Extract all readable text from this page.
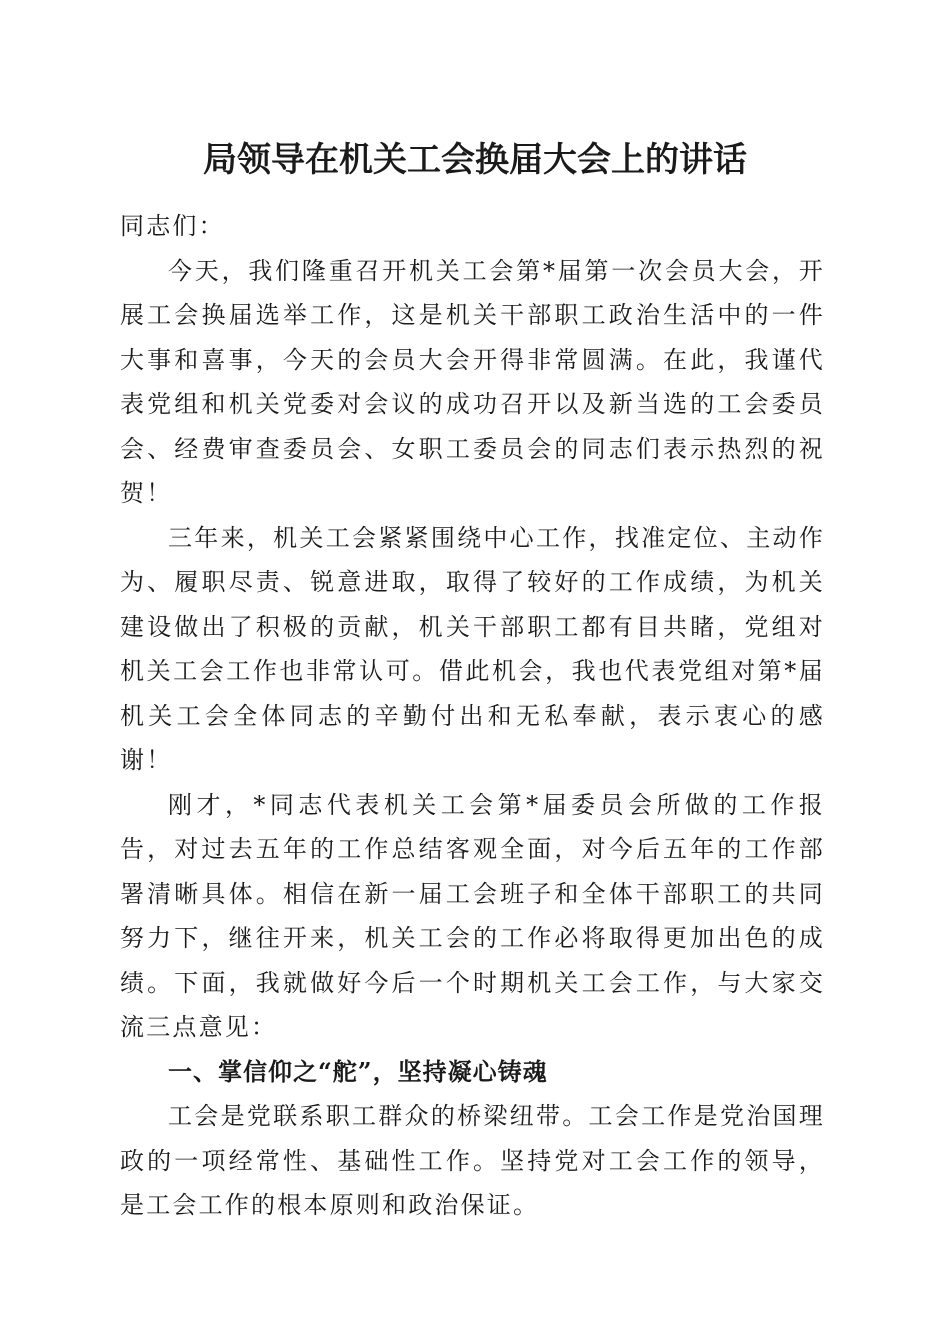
局领导在机关工会换届大会上的讲话

同志们：

今天，我们隆重召开机关工会第*届第一次会员大会，开展工会换届选举工作，这是机关干部职工政治生活中的一件大事和喜事，今天的会员大会开得非常圆满。在此，我谨代表党组和机关党委对会议的成功召开以及新当选的工会委员会、经费审查委员会、女职工委员会的同志们表示热烈的祝贺！

三年来，机关工会紧紧围绕中心工作，找准定位、主动作为、履职尽责、锐意进取，取得了较好的工作成绩，为机关建设做出了积极的贡献，机关干部职工都有目共睹，党组对机关工会工作也非常认可。借此机会，我也代表党组对第*届机关工会全体同志的辛勤付出和无私奉献，表示衷心的感谢！

刚才，*同志代表机关工会第*届委员会所做的工作报告，对过去五年的工作总结客观全面，对今后五年的工作部署清晰具体。相信在新一届工会班子和全体干部职工的共同努力下，继往开来，机关工会的工作必将取得更加出色的成绩。下面，我就做好今后一个时期机关工会工作，与大家交流三点意见：

一、掌信仰之“舵”，坚持凝心铸魂

工会是党联系职工群众的桥梁纽带。工会工作是党治国理政的一项经常性、基础性工作。坚持党对工会工作的领导，是工会工作的根本原则和政治保证。
